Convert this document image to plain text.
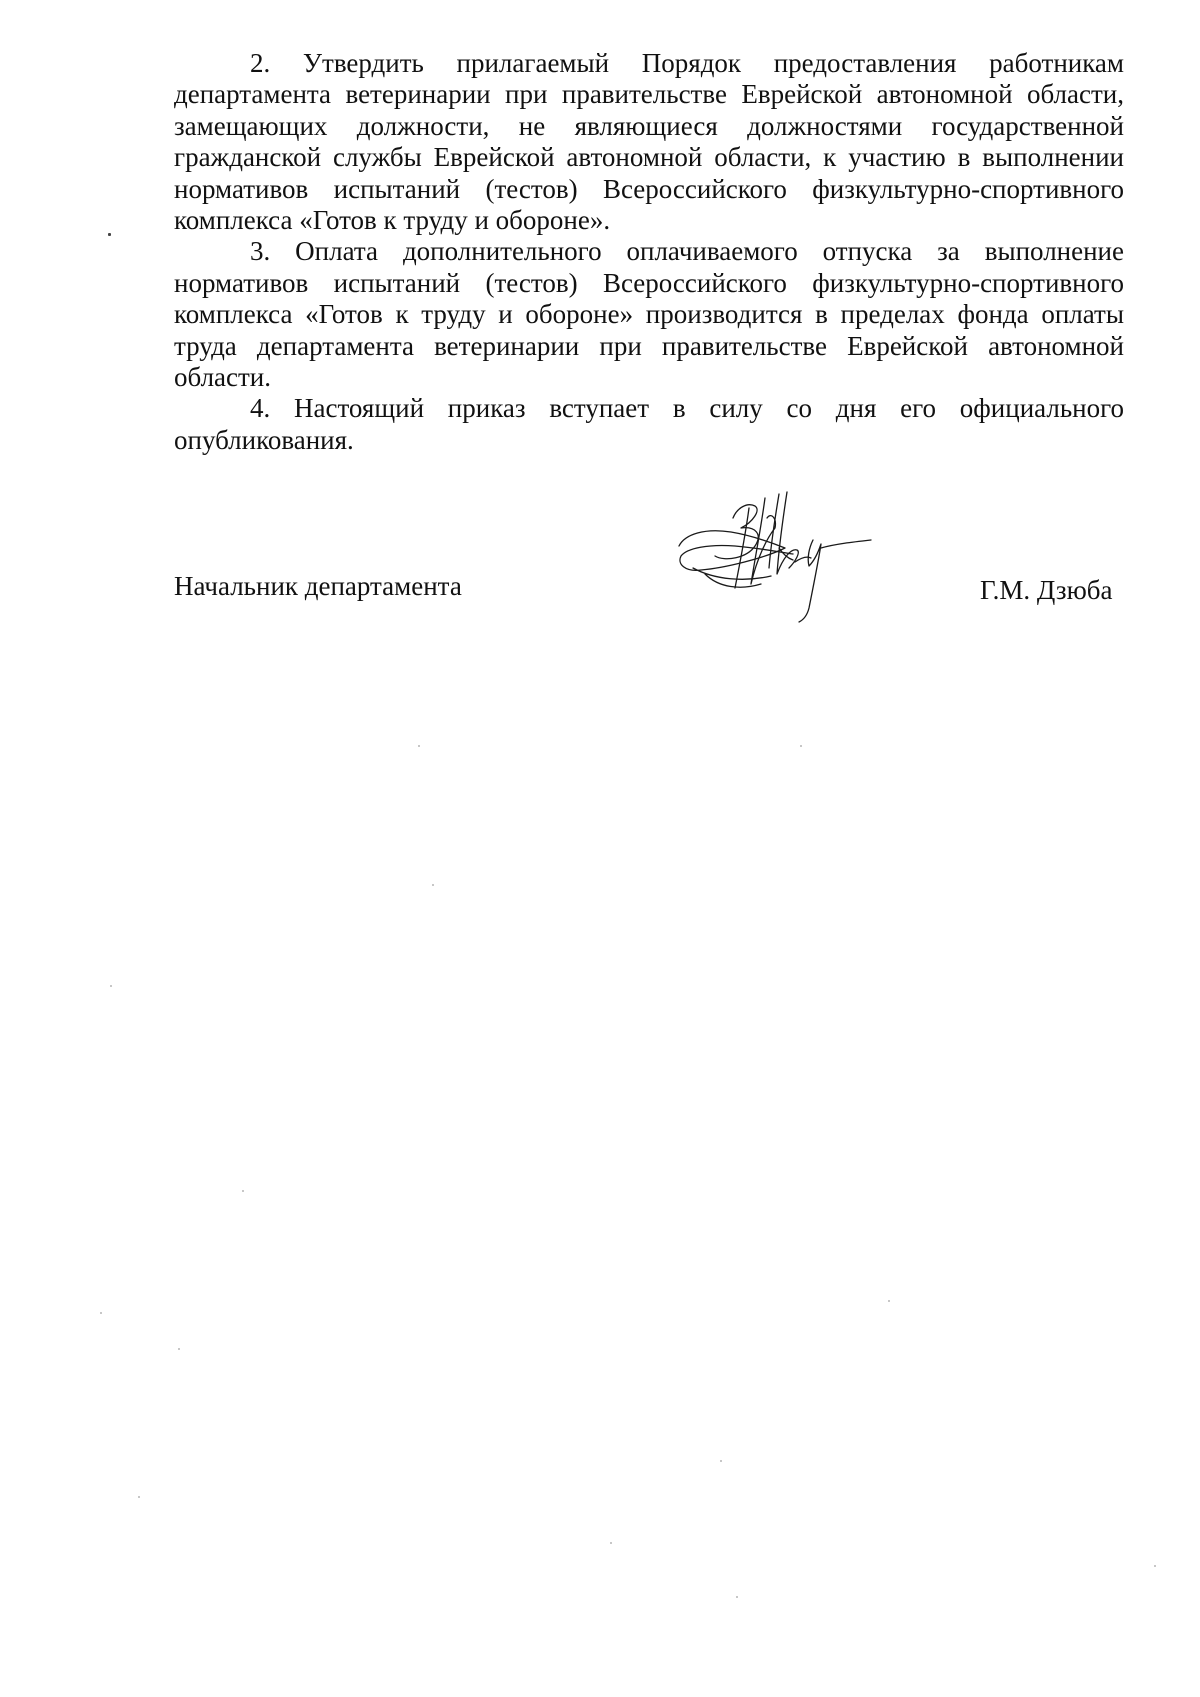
2. Утвердить прилагаемый Порядок предоставления работникам департамента ветеринарии при правительстве Еврейской автономной области, замещающих должности, не являющиеся должностями государственной гражданской службы Еврейской автономной области, к участию в выполнении нормативов испытаний (тестов) Всероссийского физкультурно-спортивного комплекса «Готов к труду и обороне».

3. Оплата дополнительного оплачиваемого отпуска за выполнение нормативов испытаний (тестов) Всероссийского физкультурно-спортивного комплекса «Готов к труду и обороне» производится в пределах фонда оплаты труда департамента ветеринарии при правительстве Еврейской автономной области.

4. Настоящий приказ вступает в силу со дня его официального опубликования.

Начальник департамента	Г.М. Дзюба
